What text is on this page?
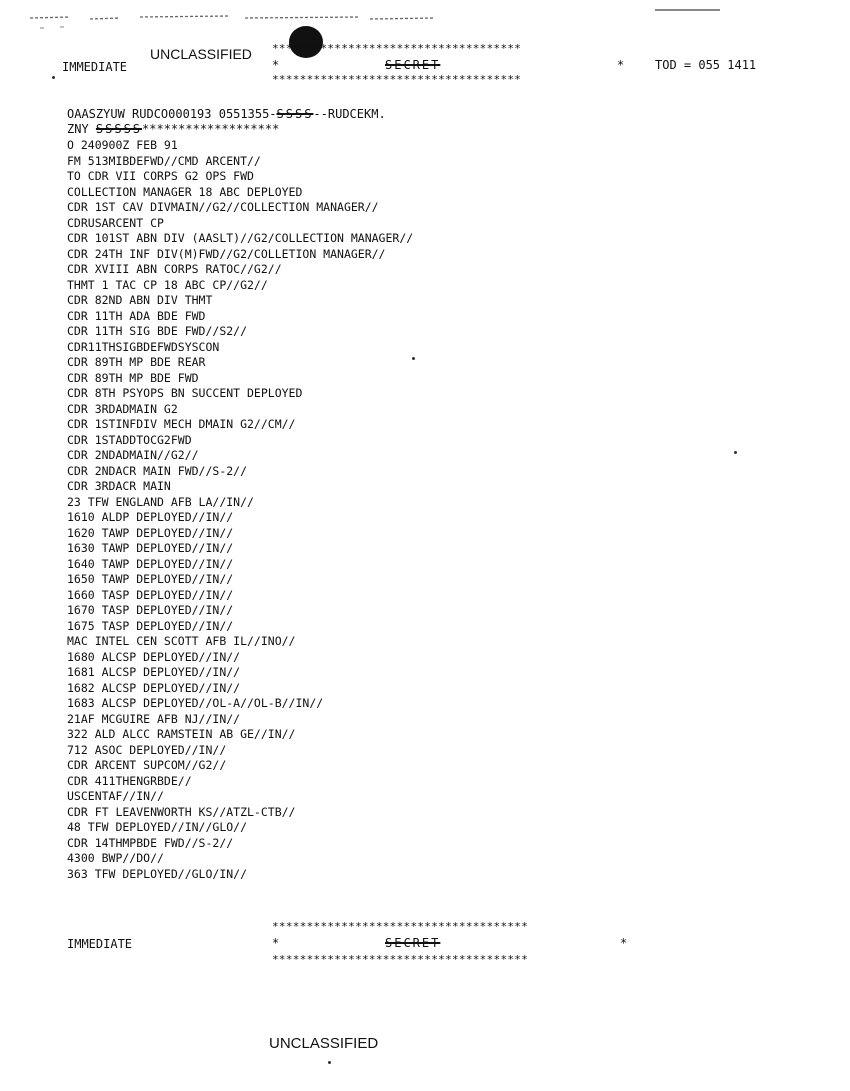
UNCLASSIFIED
IMMEDIATE
************************************
*	SECRET	*
************************************
TOD = 055 1411
OAASZYUW RUDCO000193 0551355-SSSS--RUDCEKM.
ZNY SSSSS*******************
O 240900Z FEB 91
FM 513MIBDEFWD//CMD ARCENT//
TO CDR VII CORPS G2 OPS FWD
COLLECTION MANAGER 18 ABC DEPLOYED
CDR 1ST CAV DIVMAIN//G2//COLLECTION MANAGER//
CDRUSARCENT CP
CDR 101ST ABN DIV (AASLT)//G2/COLLECTION MANAGER//
CDR 24TH INF DIV(M)FWD//G2/COLLETION MANAGER//
CDR XVIII ABN CORPS RATOC//G2//
THMT 1 TAC CP 18 ABC CP//G2//
CDR 82ND ABN DIV THMT
CDR 11TH ADA BDE FWD
CDR 11TH SIG BDE FWD//S2//
CDR11THSIGBDEFWDSYSCON
CDR 89TH MP BDE REAR
CDR 89TH MP BDE FWD
CDR 8TH PSYOPS BN SUCCENT DEPLOYED
CDR 3RDADMAIN G2
CDR 1STINFDIV MECH DMAIN G2//CM//
CDR 1STADDTOCG2FWD
CDR 2NDADMAIN//G2//
CDR 2NDACR MAIN FWD//S-2//
CDR 3RDACR MAIN
23 TFW ENGLAND AFB LA//IN//
1610 ALDP DEPLOYED//IN//
1620 TAWP DEPLOYED//IN//
1630 TAWP DEPLOYED//IN//
1640 TAWP DEPLOYED//IN//
1650 TAWP DEPLOYED//IN//
1660 TASP DEPLOYED//IN//
1670 TASP DEPLOYED//IN//
1675 TASP DEPLOYED//IN//
MAC INTEL CEN SCOTT AFB IL//INO//
1680 ALCSP DEPLOYED//IN//
1681 ALCSP DEPLOYED//IN//
1682 ALCSP DEPLOYED//IN//
1683 ALCSP DEPLOYED//OL-A//OL-B//IN//
21AF MCGUIRE AFB NJ//IN//
322 ALD ALCC RAMSTEIN AB GE//IN//
712 ASOC DEPLOYED//IN//
CDR ARCENT SUPCOM//G2//
CDR 411THENGRBDE//
USCENTAF//IN//
CDR FT LEAVENWORTH KS//ATZL-CTB//
48 TFW DEPLOYED//IN//GLO//
CDR 14THMPBDE FWD//S-2//
4300 BWP//DO//
363 TFW DEPLOYED//GLO/IN//
*************************************
IMMEDIATE	*	SECRET	*
*************************************
UNCLASSIFIED
